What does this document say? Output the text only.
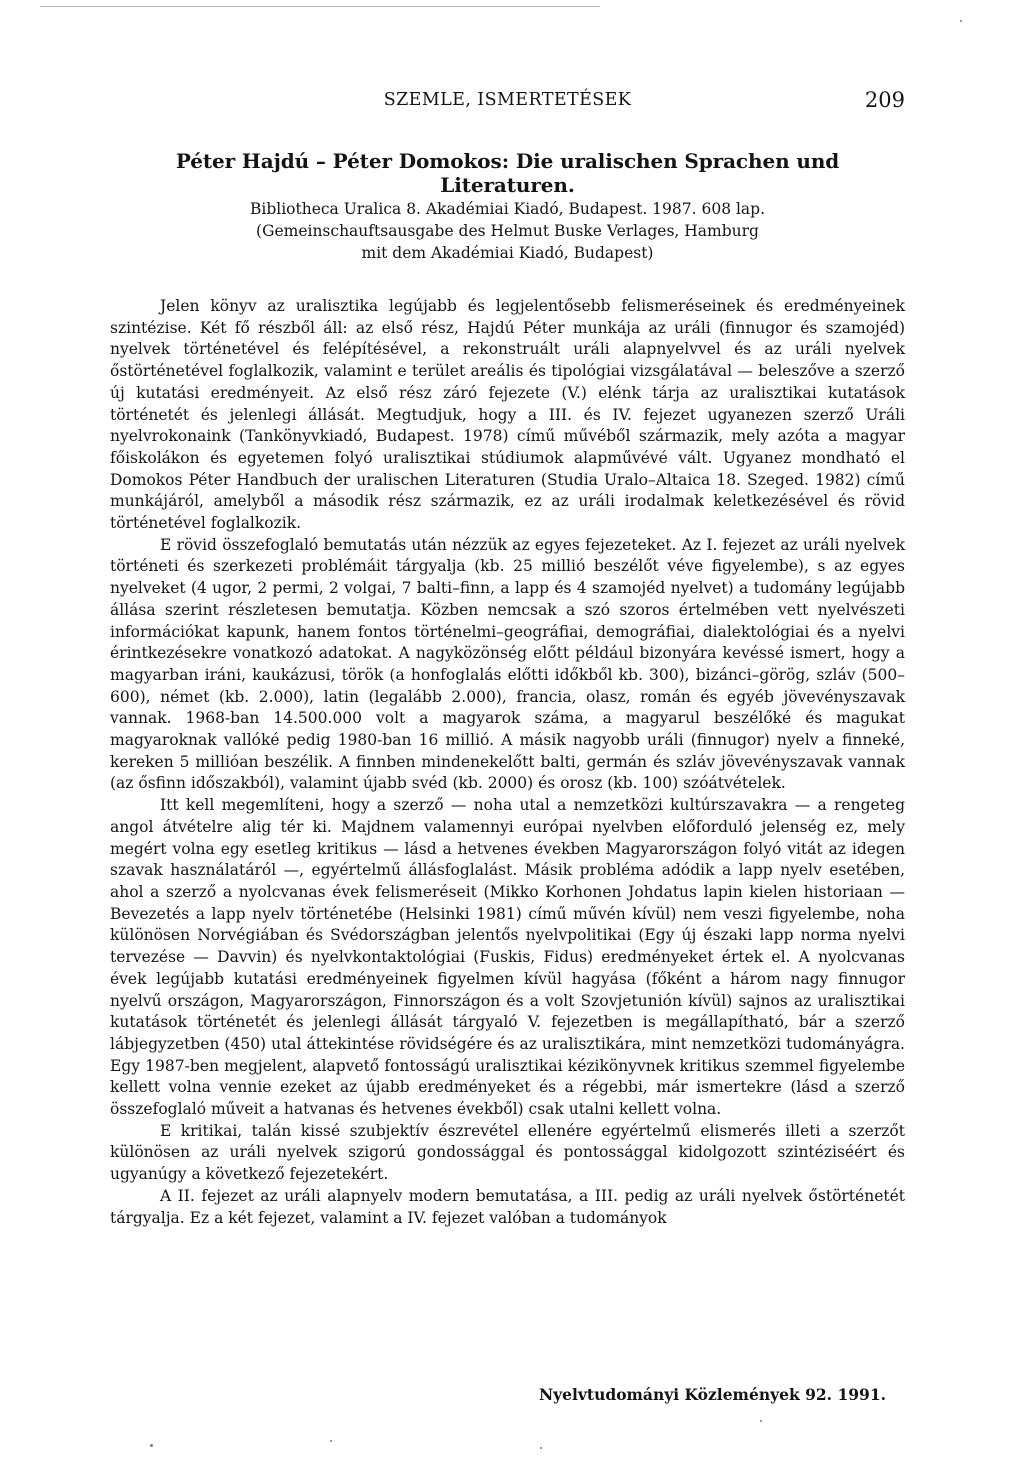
SZEMLE, ISMERTETÉSEK	209
Péter Hajdú – Péter Domokos: Die uralischen Sprachen und Literaturen.
Bibliotheca Uralica 8. Akadémiai Kiadó, Budapest. 1987. 608 lap.
(Gemeinschauftsausgabe des Helmut Buske Verlages, Hamburg
mit dem Akadémiai Kiadó, Budapest)

Jelen könyv az uralisztika legújabb és legjelentősebb felismeréseinek és eredményeinek szintézise. Két fő részből áll: az első rész, Hajdú Péter munkája az uráli (finnugor és szamojéd) nyelvek történetével és felépítésével, a rekonstruált uráli alapnyelvvel és az uráli nyelvek őstörténetével foglalkozik, valamint e terület areális és tipológiai vizsgálatával — beleszőve a szerző új kutatási eredményeit. Az első rész záró fejezete (V.) elénk tárja az uralisztikai kutatások történetét és jelenlegi állását. Megtudjuk, hogy a III. és IV. fejezet ugyanezen szerző Uráli nyelvrokonaink (Tankönyvkiadó, Budapest. 1978) című művéből származik, mely azóta a magyar főiskolákon és egyetemen folyó uralisztikai stúdiumok alapművévé vált. Ugyanez mondható el Domokos Péter Handbuch der uralischen Literaturen (Studia Uralo–Altaica 18. Szeged. 1982) című munkájáról, amelyből a második rész származik, ez az uráli irodalmak keletkezésével és rövid történetével foglalkozik.

E rövid összefoglaló bemutatás után nézzük az egyes fejezeteket. Az I. fejezet az uráli nyelvek történeti és szerkezeti problémáit tárgyalja (kb. 25 millió beszélőt véve figyelembe), s az egyes nyelveket (4 ugor, 2 permi, 2 volgai, 7 balti–finn, a lapp és 4 szamojéd nyelvet) a tudomány legújabb állása szerint részletesen bemutatja. Közben nemcsak a szó szoros értelmében vett nyelvészeti információkat kapunk, hanem fontos történelmi–geográfiai, demográfiai, dialektológiai és a nyelvi érintkezésekre vonatkozó adatokat. A nagyközönség előtt például bizonyára kevéssé ismert, hogy a magyarban iráni, kaukázusi, török (a honfoglalás előtti időkből kb. 300), bizánci–görög, szláv (500–600), német (kb. 2.000), latin (legalább 2.000), francia, olasz, román és egyéb jövevényszavak vannak. 1968-ban 14.500.000 volt a magyarok száma, a magyarul beszélőké és magukat magyaroknak vallóké pedig 1980-ban 16 millió. A másik nagyobb uráli (finnugor) nyelv a finneké, kereken 5 millióan beszélik. A finnben mindenekelőtt balti, germán és szláv jövevényszavak vannak (az ősfinn időszakból), valamint újabb svéd (kb. 2000) és orosz (kb. 100) szóátvételek.

Itt kell megemlíteni, hogy a szerző — noha utal a nemzetközi kultúrszavakra — a rengeteg angol átvételre alig tér ki. Majdnem valamennyi európai nyelvben előforduló jelenség ez, mely megért volna egy esetleg kritikus — lásd a hetvenes években Magyarországon folyó vitát az idegen szavak használatáról —, egyértelmű állásfoglalást. Másik probléma adódik a lapp nyelv esetében, ahol a szerző a nyolcvanas évek felismeréseit (Mikko Korhonen Johdatus lapin kielen historiaan — Bevezetés a lapp nyelv történetébe (Helsinki 1981) című művén kívül) nem veszi figyelembe, noha különösen Norvégiában és Svédországban jelentős nyelvpolitikai (Egy új északi lapp norma nyelvi tervezése — Davvin) és nyelvkontaktológiai (Fuskis, Fidus) eredményeket értek el. A nyolcvanas évek legújabb kutatási eredményeinek figyelmen kívül hagyása (főként a három nagy finnugor nyelvű országon, Magyarországon, Finnországon és a volt Szovjetunión kívül) sajnos az uralisztikai kutatások történetét és jelenlegi állását tárgyaló V. fejezetben is megállapítható, bár a szerző lábjegyzetben (450) utal áttekintése rövidségére és az uralisztikára, mint nemzetközi tudományágra. Egy 1987-ben megjelent, alapvető fontosságú uralisztikai kézikönyvnek kritikus szemmel figyelembe kellett volna vennie ezeket az újabb eredményeket és a régebbi, már ismertekre (lásd a szerző összefoglaló műveit a hatvanas és hetvenes évekből) csak utalni kellett volna.

E kritikai, talán kissé szubjektív észrevétel ellenére egyértelmű elismerés illeti a szerzőt különösen az uráli nyelvek szigorú gondossággal és pontossággal kidolgozott szintéziséért és ugyanúgy a következő fejezetekért.

A II. fejezet az uráli alapnyelv modern bemutatása, a III. pedig az uráli nyelvek őstörténetét tárgyalja. Ez a két fejezet, valamint a IV. fejezet valóban a tudományok

Nyelvtudományi Közlemények 92. 1991.
